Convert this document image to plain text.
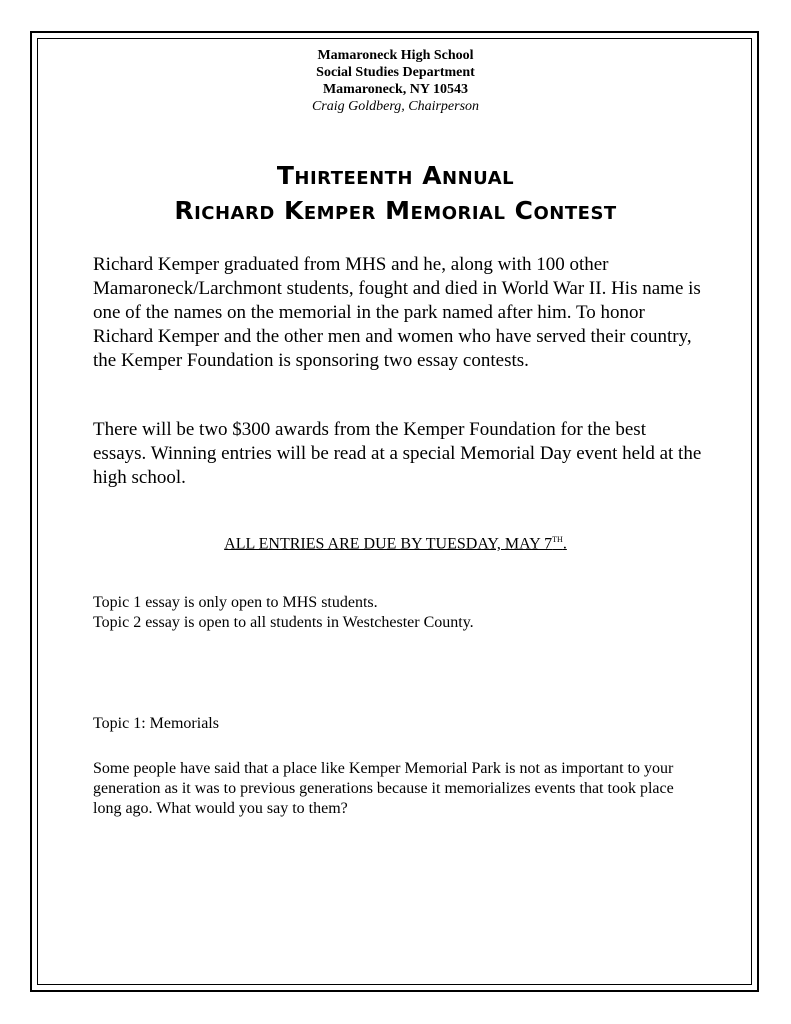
Mamaroneck High School
Social Studies Department
Mamaroneck, NY 10543
Craig Goldberg, Chairperson
Thirteenth Annual
Richard Kemper Memorial Contest
Richard Kemper graduated from MHS and he, along with 100 other Mamaroneck/Larchmont students, fought and died in World War II. His name is one of the names on the memorial in the park named after him. To honor Richard Kemper and the other men and women who have served their country, the Kemper Foundation is sponsoring two essay contests.
There will be two $300 awards from the Kemper Foundation for the best essays. Winning entries will be read at a special Memorial Day event held at the high school.
ALL ENTRIES ARE DUE BY TUESDAY, MAY 7TH.
Topic 1 essay is only open to MHS students.
Topic 2 essay is open to all students in Westchester County.
Topic 1: Memorials
Some people have said that a place like Kemper Memorial Park is not as important to your generation as it was to previous generations because it memorializes events that took place long ago. What would you say to them?
